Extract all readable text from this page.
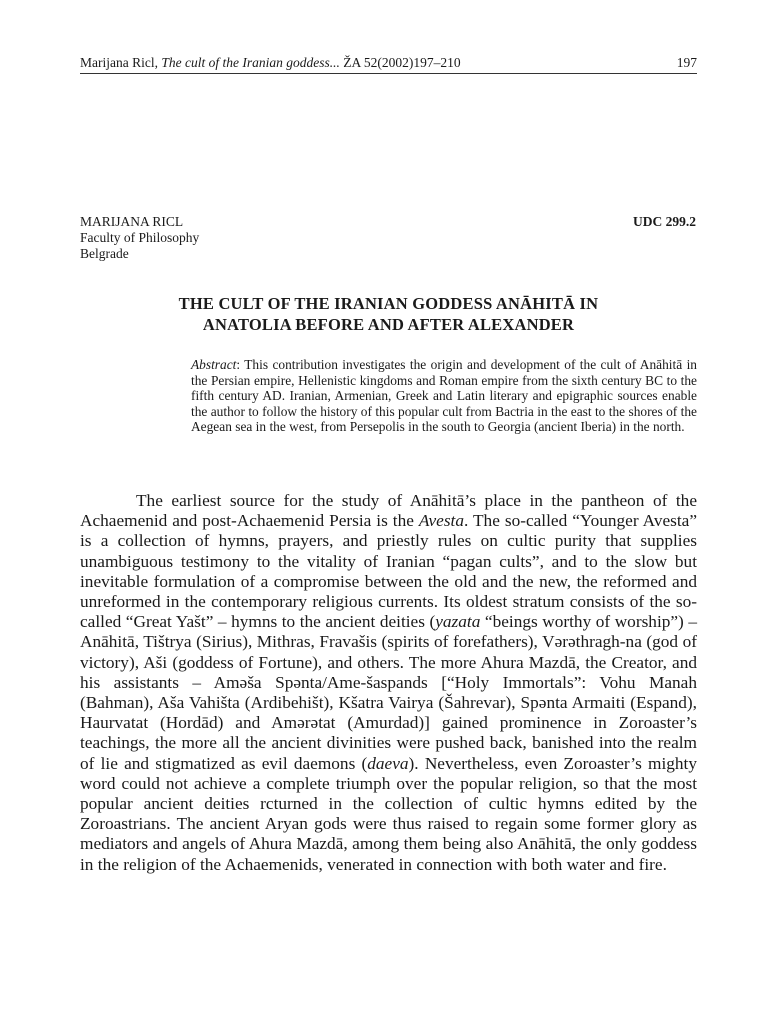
Marijana Ricl, The cult of the Iranian goddess... ŽA 52(2002)197–210	197
MARIJANA RICL
Faculty of Philosophy
Belgrade
UDC 299.2
THE CULT OF THE IRANIAN GODDESS ANĀHITĀ IN
ANATOLIA BEFORE AND AFTER ALEXANDER
Abstract: This contribution investigates the origin and development of the cult of Anāhitā in the Persian empire, Hellenistic kingdoms and Roman empire from the sixth century BC to the fifth century AD. Iranian, Armenian, Greek and Latin literary and epigraphic sources enable the author to follow the history of this popular cult from Bactria in the east to the shores of the Aegean sea in the west, from Persepolis in the south to Georgia (ancient Iberia) in the north.
The earliest source for the study of Anāhitā’s place in the pantheon of the Achaemenid and post-Achaemenid Persia is the Avesta. The so-called “Younger Avesta” is a collection of hymns, prayers, and priestly rules on cultic purity that supplies unambiguous testimony to the vitality of Iranian “pagan cults”, and to the slow but inevitable formulation of a compromise between the old and the new, the reformed and unreformed in the contemporary religious currents. Its oldest stratum consists of the so-called “Great Yašt” – hymns to the ancient deities (yazata “beings worthy of worship”) – Anāhitā, Tištrya (Sirius), Mithras, Fravašis (spirits of forefathers), Vərəthragh-na (god of victory), Aši (goddess of Fortune), and others. The more Ahura Mazdā, the Creator, and his assistants – Aməša Spənta/Ame-šaspands [“Holy Immortals”: Vohu Manah (Bahman), Aša Vahišta (Ardibehišt), Kšatra Vairya (Šahrevar), Spənta Armaiti (Espand), Haurvatat (Hordād) and Amərətat (Amurdad)] gained prominence in Zoroaster’s teachings, the more all the ancient divinities were pushed back, banished into the realm of lie and stigmatized as evil daemons (daeva). Nevertheless, even Zoroaster’s mighty word could not achieve a complete triumph over the popular religion, so that the most popular ancient deities rcturned in the collection of cultic hymns edited by the Zoroastrians. The ancient Aryan gods were thus raised to regain some former glory as mediators and angels of Ahura Mazdā, among them being also Anāhitā, the only goddess in the religion of the Achaemenids, venerated in connection with both water and fire.
